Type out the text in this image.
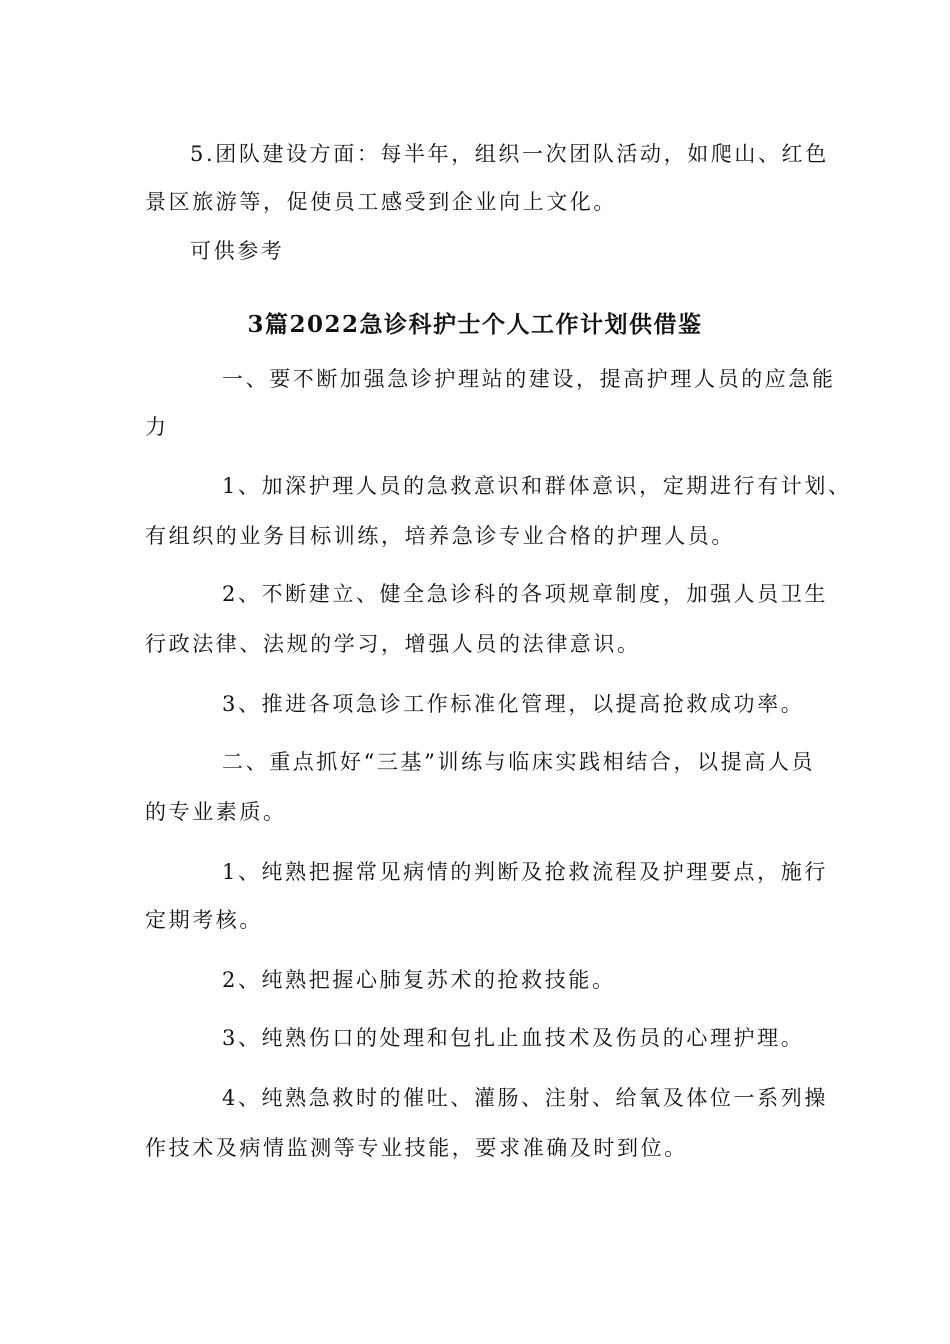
5.团队建设方面：每半年，组织一次团队活动，如爬山、红色
景区旅游等，促使员工感受到企业向上文化。
可供参考
3篇2022急诊科护士个人工作计划供借鉴
一、要不断加强急诊护理站的建设，提高护理人员的应急能
力
1、加深护理人员的急救意识和群体意识，定期进行有计划、
有组织的业务目标训练，培养急诊专业合格的护理人员。
2、不断建立、健全急诊科的各项规章制度，加强人员卫生
行政法律、法规的学习，增强人员的法律意识。
3、推进各项急诊工作标准化管理，以提高抢救成功率。
二、重点抓好“三基”训练与临床实践相结合，以提高人员
的专业素质。
1、纯熟把握常见病情的判断及抢救流程及护理要点，施行
定期考核。
2、纯熟把握心肺复苏术的抢救技能。
3、纯熟伤口的处理和包扎止血技术及伤员的心理护理。
4、纯熟急救时的催吐、灌肠、注射、给氧及体位一系列操
作技术及病情监测等专业技能，要求准确及时到位。
